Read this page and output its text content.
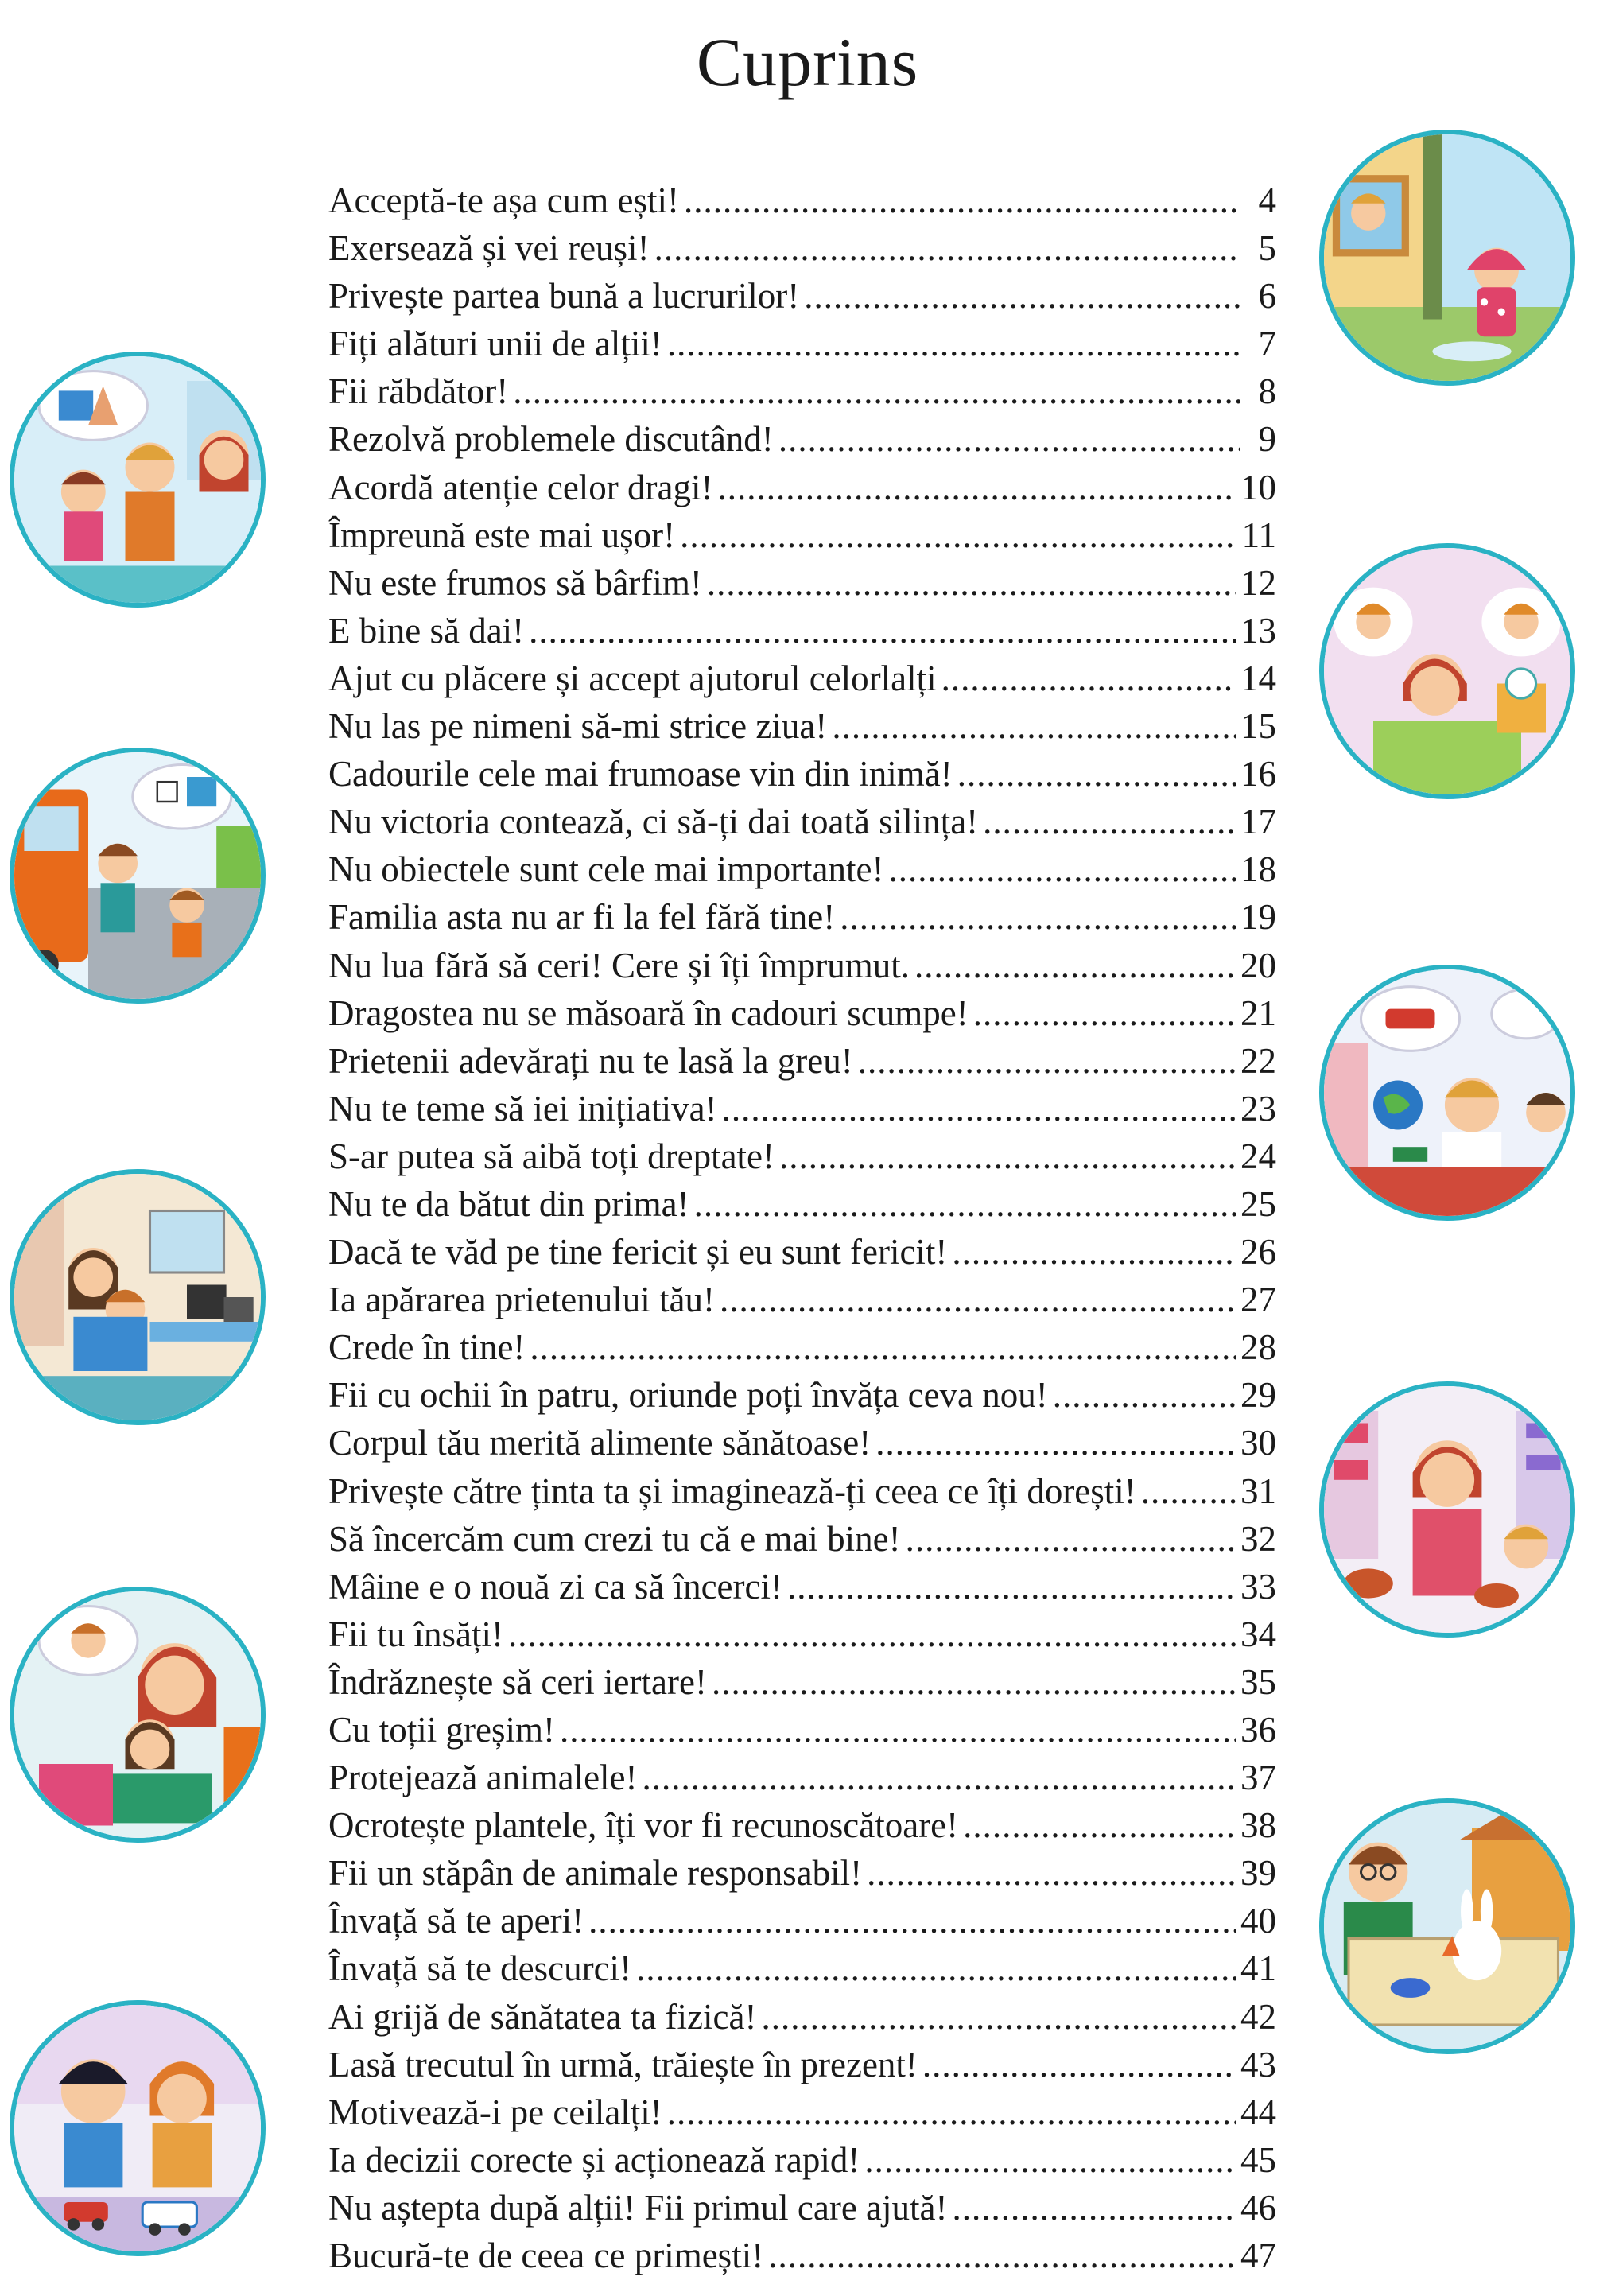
Cuprins
Acceptă-te așa cum ești! .....	4
Exersează și vei reuși! .....	5
Privește partea bună a lucrurilor! .....	6
Fiți alături unii de alții! .....	7
Fii răbdător! .....	8
Rezolvă problemele discutând! .....	9
Acordă atenție celor dragi! .....	10
Împreună este mai ușor! .....	11
Nu este frumos să bârfim! .....	12
E bine să dai! .....	13
Ajut cu plăcere și accept ajutorul celorlalți .....	14
Nu las pe nimeni să-mi strice ziua! .....	15
Cadourile cele mai frumoase vin din inimă! .....	16
Nu victoria contează, ci să-ți dai toată silința! .....	17
Nu obiectele sunt cele mai importante! .....	18
Familia asta nu ar fi la fel fără tine! .....	19
Nu lua fără să ceri! Cere și îți împrumut. .....	20
Dragostea nu se măsoară în cadouri scumpe! .....	21
Prietenii adevărați nu te lasă la greu! .....	22
Nu te teme să iei inițiativa! .....	23
S-ar putea să aibă toți dreptate! .....	24
Nu te da bătut din prima! .....	25
Dacă te văd pe tine fericit și eu sunt fericit! .....	26
Ia apărarea prietenului tău! .....	27
Crede în tine! .....	28
Fii cu ochii în patru, oriunde poți învăța ceva nou! .....	29
Corpul tău merită alimente sănătoase! .....	30
Privește către ținta ta și imaginează-ți ceea ce îți dorești! .....	31
Să încercăm cum crezi tu că e mai bine! .....	32
Mâine e o nouă zi ca să încerci! .....	33
Fii tu însăți! .....	34
Îndrăznește să ceri iertare! .....	35
Cu toții greșim! .....	36
Protejează animalele! .....	37
Ocrotește plantele, îți vor fi recunoscătoare! .....	38
Fii un stăpân de animale responsabil! .....	39
Învață să te aperi! .....	40
Învață să te descurci! .....	41
Ai grijă de sănătatea ta fizică! .....	42
Lasă trecutul în urmă, trăiește în prezent! .....	43
Motivează-i pe ceilalți! .....	44
Ia decizii corecte și acționează rapid! .....	45
Nu aștepta după alții! Fii primul care ajută! .....	46
Bucură-te de ceea ce primești! .....	47
